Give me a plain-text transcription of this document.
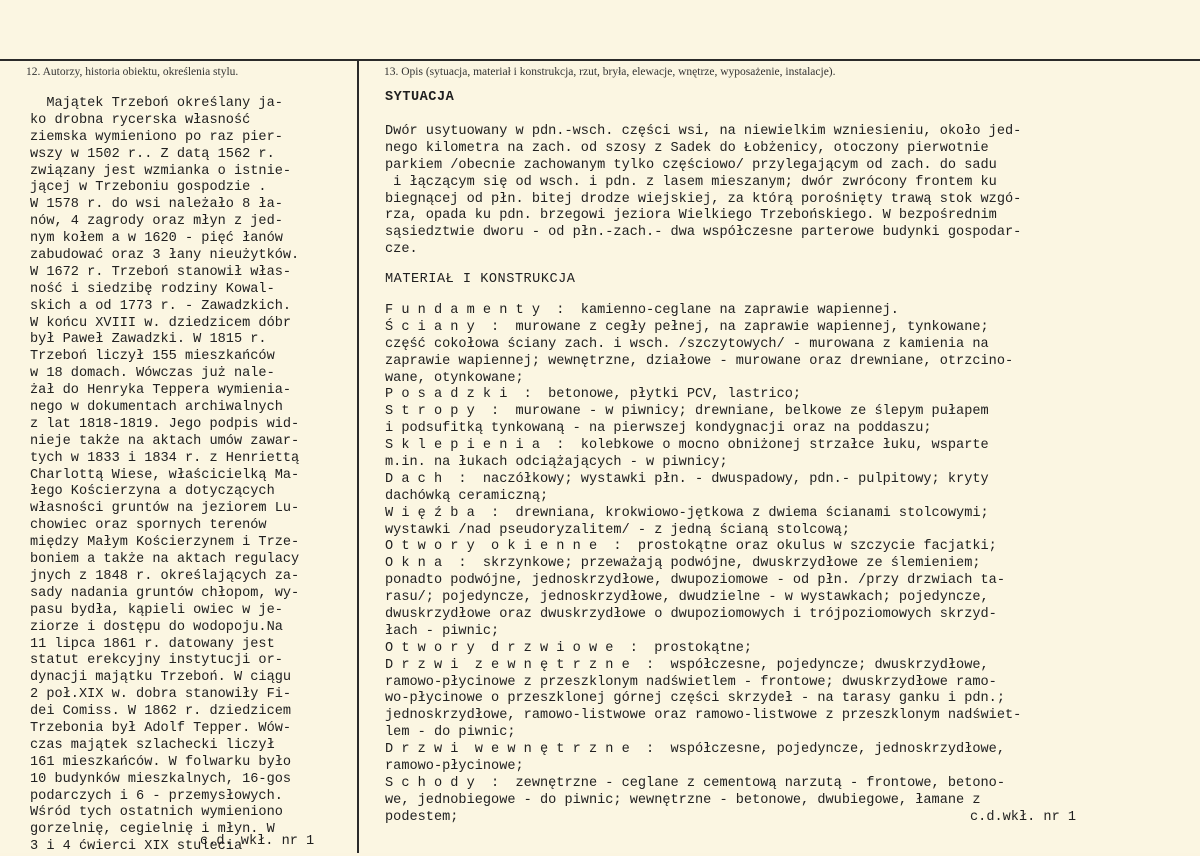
12. Autorzy, historia obiektu, określenia stylu.	13. Opis (sytuacja, materiał i konstrukcja, rzut, bryła, elewacje, wnętrze, wyposażenie, instalacje).
Majątek Trzeboń określany ja-
ko drobna rycerska własność
ziemska wymieniono po raz pier-
wszy w 1502 r.. Z datą 1562 r.
związany jest wzmianka o istnie-
jącej w Trzeboniu gospodzie .
W 1578 r. do wsi należało 8 ła-
nów, 4 zagrody oraz młyn z jed-
nym kołem a w 1620 - pięć łanów
zabudować oraz 3 łany nieużytków.
W 1672 r. Trzeboń stanowił włas-
ność i siedzibę rodziny Kowal-
skich a od 1773 r. - Zawadzkich.
W końcu XVIII w. dziedzicem dóbr
był Paweł Zawadzki. W 1815 r.
Trzeboń liczył 155 mieszkańców
w 18 domach. Wówczas już nale-
żał do Henryka Teppera wymienia-
nego w dokumentach archiwalnych
z lat 1818-1819. Jego podpis wid-
nieje także na aktach umów zawar-
tych w 1833 i 1834 r. z Henriettą
Charlottą Wiese, właścicielką Ma-
łego Kościerzyna a dotyczących
własności gruntów na jeziorem Lu-
chowiec oraz spornych terenów
między Małym Kościerzynem i Trze-
boniem a także na aktach regulacy
jnych z 1848 r. określających za-
sady nadania gruntów chłopom, wy-
pasu bydła, kąpieli owiec w je-
ziorze i dostępu do wodopoju.Na
11 lipca 1861 r. datowany jest
statut erekcyjny instytucji or-
dynacji majątku Trzeboń. W ciągu
2 poł.XIX w. dobra stanowiły Fi-
dei Comiss. W 1862 r. dziedzicem
Trzebonia był Adolf Tepper. Wów-
czas majątek szlachecki liczył
161 mieszkańców. W folwarku było
10 budynków mieszkalnych, 16-gos
podarczych i 6 - przemysłowych.
Wśród tych ostatnich wymieniono
gorzelnię, cegielnię i młyn. W
3 i 4 ćwierci XIX stulecia
SYTUACJA
Dwór usytuowany w pdn.-wsch. części wsi, na niewielkim wzniesieniu, około jed-
nego kilometra na zach. od szosy z Sadek do Łobżenicy, otoczony pierwotnie
parkiem /obecnie zachowanym tylko częściowo/ przylegającym od zach. do sadu
i łączącym się od wsch. i pdn. z lasem mieszanym; dwór zwrócony frontem ku
biegnącej od płn. bitej drodze wiejskiej, za którą porośnięty trawą stok wzgó-
rza, opada ku pdn. brzegowi jeziora Wielkiego Trzebońskiego. W bezpośrednim
sąsiedztwie dworu - od płn.-zach.- dwa współczesne parterowe budynki gospodar-
cze.
MATERIAŁ I KONSTRUKCJA
F u n d a m e n t y  :  kamienno-ceglane na zaprawie wapiennej.
Ś c i a n y  :  murowane z cegły pełnej, na zaprawie wapiennej, tynkowane;
część cokołowa ściany zach. i wsch. /szczytowych/ - murowana z kamienia na
zaprawie wapiennej; wewnętrzne, działowe - murowane oraz drewniane, otrzcino-
wane, otynkowane;
P o s a d z k i  :  betonowe, płytki PCV, lastrico;
S t r o p y  :  murowane - w piwnicy; drewniane, belkowe ze ślepym pułapem
i podsufitką tynkowaną - na pierwszej kondygnacji oraz na poddaszu;
S k l e p i e n i a  :  kolebkowe o mocno obniżonej strzałce łuku, wsparte
m.in. na łukach odciążających - w piwnicy;
D a c h  :  naczółkowy; wystawki płn. - dwuspadowy, pdn.- pulpitowy; kryty
dachówką ceramiczną;
W i ę ź b a  :  drewniana, krokwiowo-jętkowa z dwiema ścianami stolcowymi;
wystawki /nad pseudoryzalitem/ - z jedną ścianą stolcową;
O t w o r y  o k i e n n e  :  prostokątne oraz okulus w szczycie facjatki;
O k n a  :  skrzynkowe; przeważają podwójne, dwuskrzydłowe ze ślemieniem;
ponadto podwójne, jednoskrzydłowe, dwupoziomowe - od płn. /przy drzwiach ta-
rasu/; pojedyncze, jednoskrzydłowe, dwudzielne - w wystawkach; pojedyncze,
dwuskrzydłowe oraz dwuskrzydłowe o dwupoziomowych i trójpoziomowych skrzyd-
łach - piwnic;
O t w o r y  d r z w i o w e  :  prostokątne;
D r z w i  z e w n ę t r z n e  :  współczesne, pojedyncze; dwuskrzydłowe,
ramowo-płycinowe z przeszklonym nadświetlem - frontowe; dwuskrzydłowe ramo-
wo-płycinowe o przeszklonej górnej części skrzydeł - na tarasy ganku i pdn.;
jednoskrzydłowe, ramowo-listwowe oraz ramowo-listwowe z przeszklonym nadświet-
lem - do piwnic;
D r z w i  w e w n ę t r z n e  :  współczesne, pojedyncze, jednoskrzydłowe,
ramowo-płycinowe;
S c h o d y  :  zewnętrzne - ceglane z cementową narzutą - frontowe, betono-
we, jednobiegowe - do piwnic; wewnętrzne - betonowe, dwubiegowe, łamane z
podestem;
c.d. wkł. nr 1
c.d.wkł. nr 1
